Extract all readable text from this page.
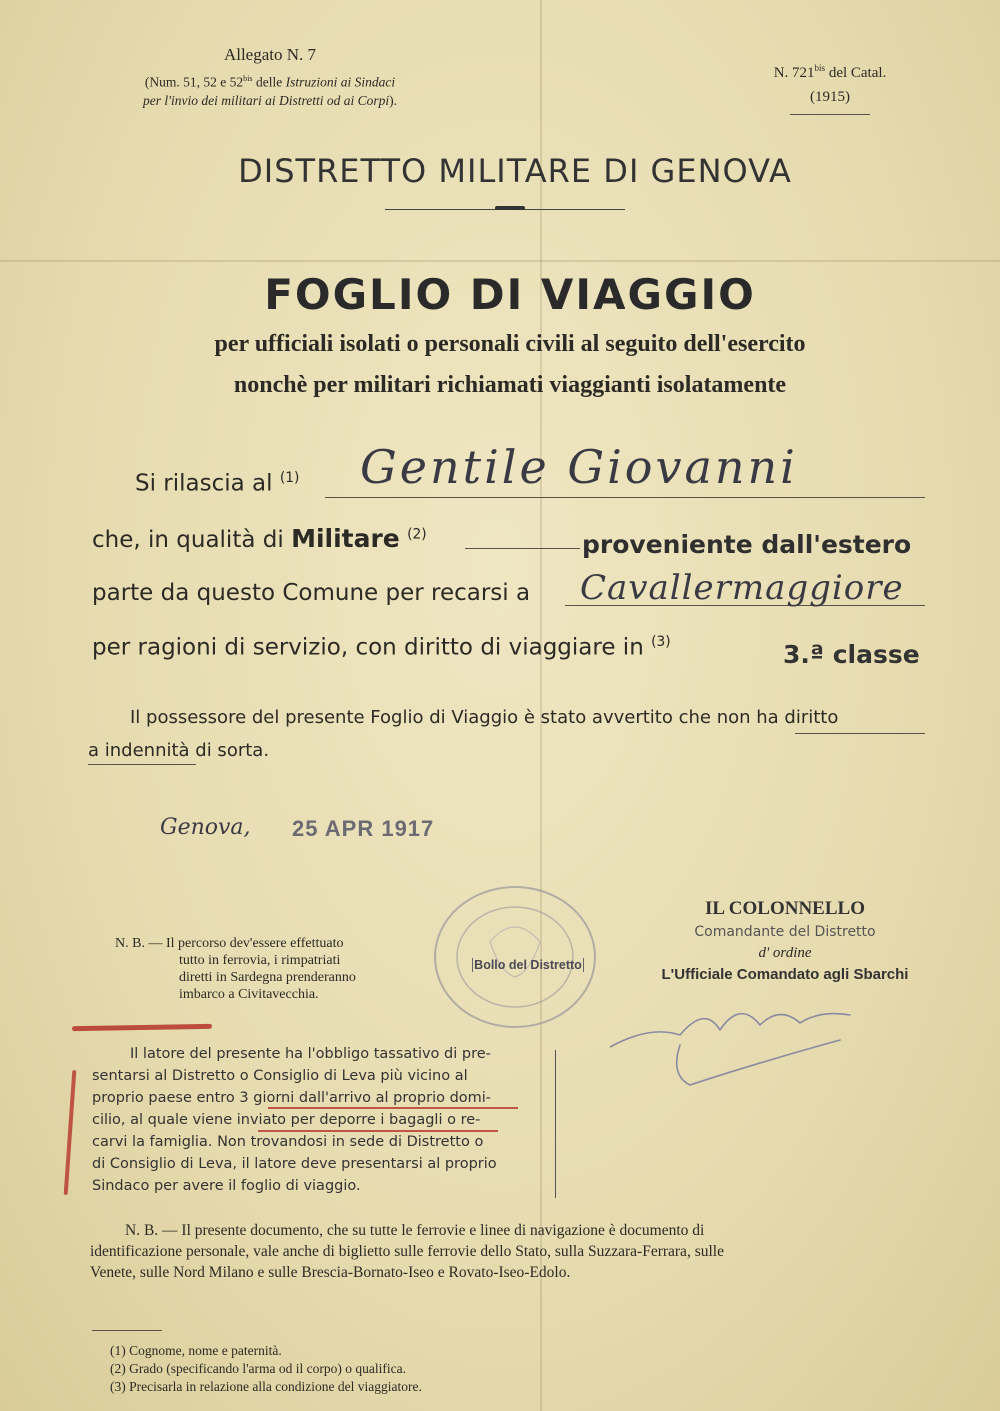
Allegato N. 7
(Num. 51, 52 e $52^{bis}$ delle Istruzioni ai Sindaci
per l'invio dei militari ai Distretti od ai Corpi).
N. $721^{bis}$ del Catal.
(1915)
DISTRETTO MILITARE DI GENOVA
FOGLIO DI VIAGGIO
per ufficiali isolati o personali civili al seguito dell'esercito
nonchè per militari richiamati viaggianti isolatamente
Si rilascia al $^{(1)}$ Gentile Giovanni
che, in qualità di Militare $^{(2)}$	proveniente dall'estero
parte da questo Comune per recarsi a Cavallermaggiore
per ragioni di servizio, con diritto di viaggiare in $^{(3)}$	3.ª classe
Il possessore del presente Foglio di Viaggio è stato avvertito che non ha diritto
a indennità di sorta.
Genova, 25 APR 1917
N. B. — Il percorso dev'essere effettuato
tutto in ferrovia, i rimpatriati
diretti in Sardegna prenderanno
imbarco a Civitavecchia.
Bollo del Distretto
IL COLONNELLO
Comandante del Distretto
d' ordine
L'Ufficiale Comandato agli Sbarchi
Il latore del presente ha l'obbligo tassativo di pre-
sentarsi al Distretto o Consiglio di Leva più vicino al
proprio paese entro 3 giorni dall'arrivo al proprio domi-
cilio, al quale viene inviato per deporre i bagagli o re-
carvi la famiglia. Non trovandosi in sede di Distretto o
di Consiglio di Leva, il latore deve presentarsi al proprio
Sindaco per avere il foglio di viaggio.
N. B. — Il presente documento, che su tutte le ferrovie e linee di navigazione è documento di
identificazione personale, vale anche di biglietto sulle ferrovie dello Stato, sulla Suzzara-Ferrara, sulle
Venete, sulle Nord Milano e sulle Brescia-Bornato-Iseo e Rovato-Iseo-Edolo.
(1) Cognome, nome e paternità.
(2) Grado (specificando l'arma od il corpo) o qualifica.
(3) Precisarla in relazione alla condizione del viaggiatore.
